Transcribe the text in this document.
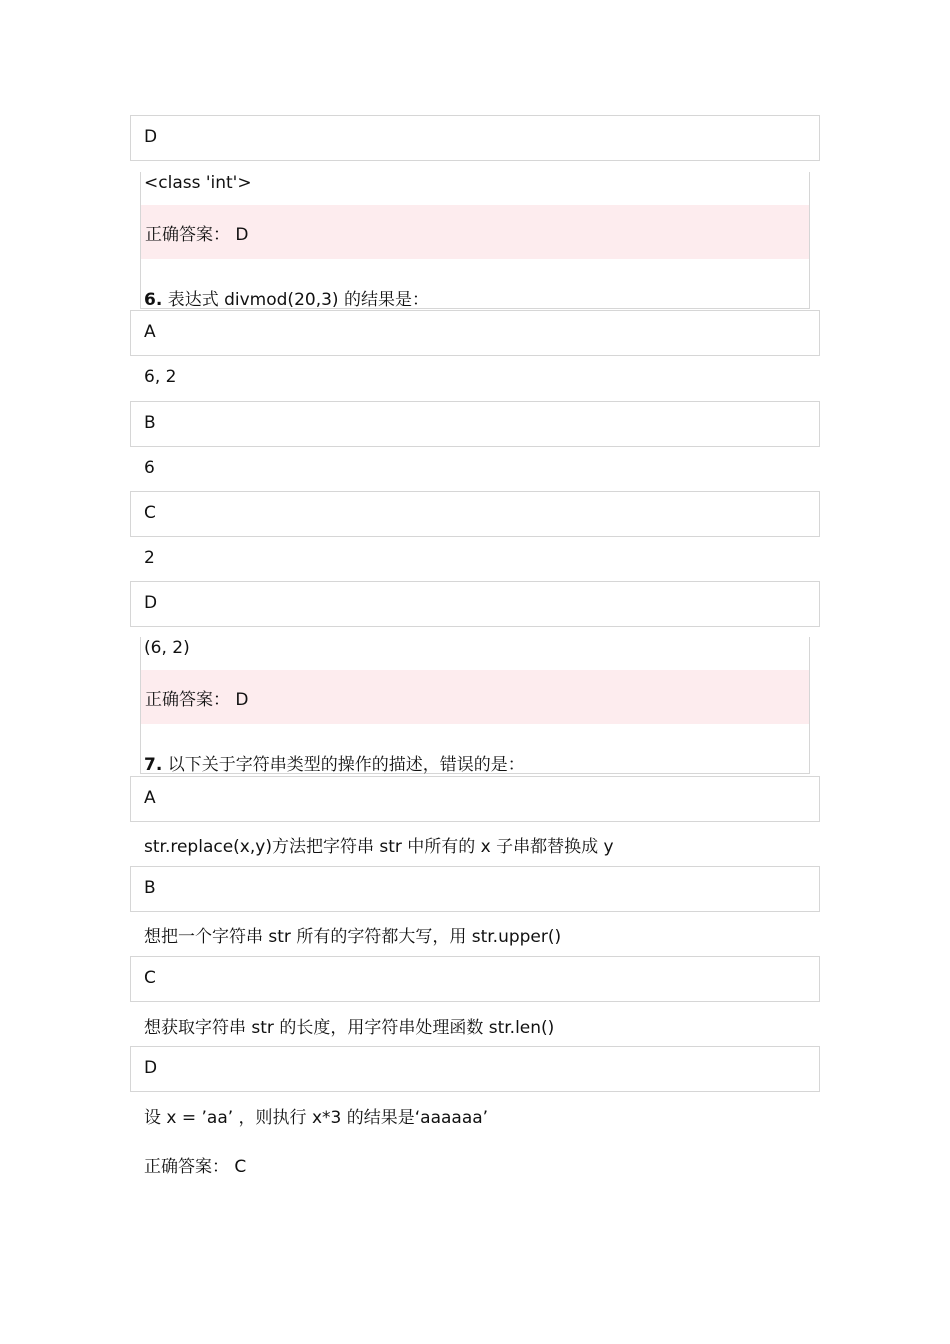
D
<class 'int'>
正确答案： D
6. 表达式 divmod(20,3) 的结果是：
A
6, 2
B
6
C
2
D
(6, 2)
正确答案： D
7. 以下关于字符串类型的操作的描述，错误的是：
A
str.replace(x,y)方法把字符串 str 中所有的 x 子串都替换成 y
B
想把一个字符串 str 所有的字符都大写，用 str.upper()
C
想获取字符串 str 的长度，用字符串处理函数 str.len()
D
设 x = ’aa’ ，则执行 x*3 的结果是‘aaaaaa’
正确答案： C
